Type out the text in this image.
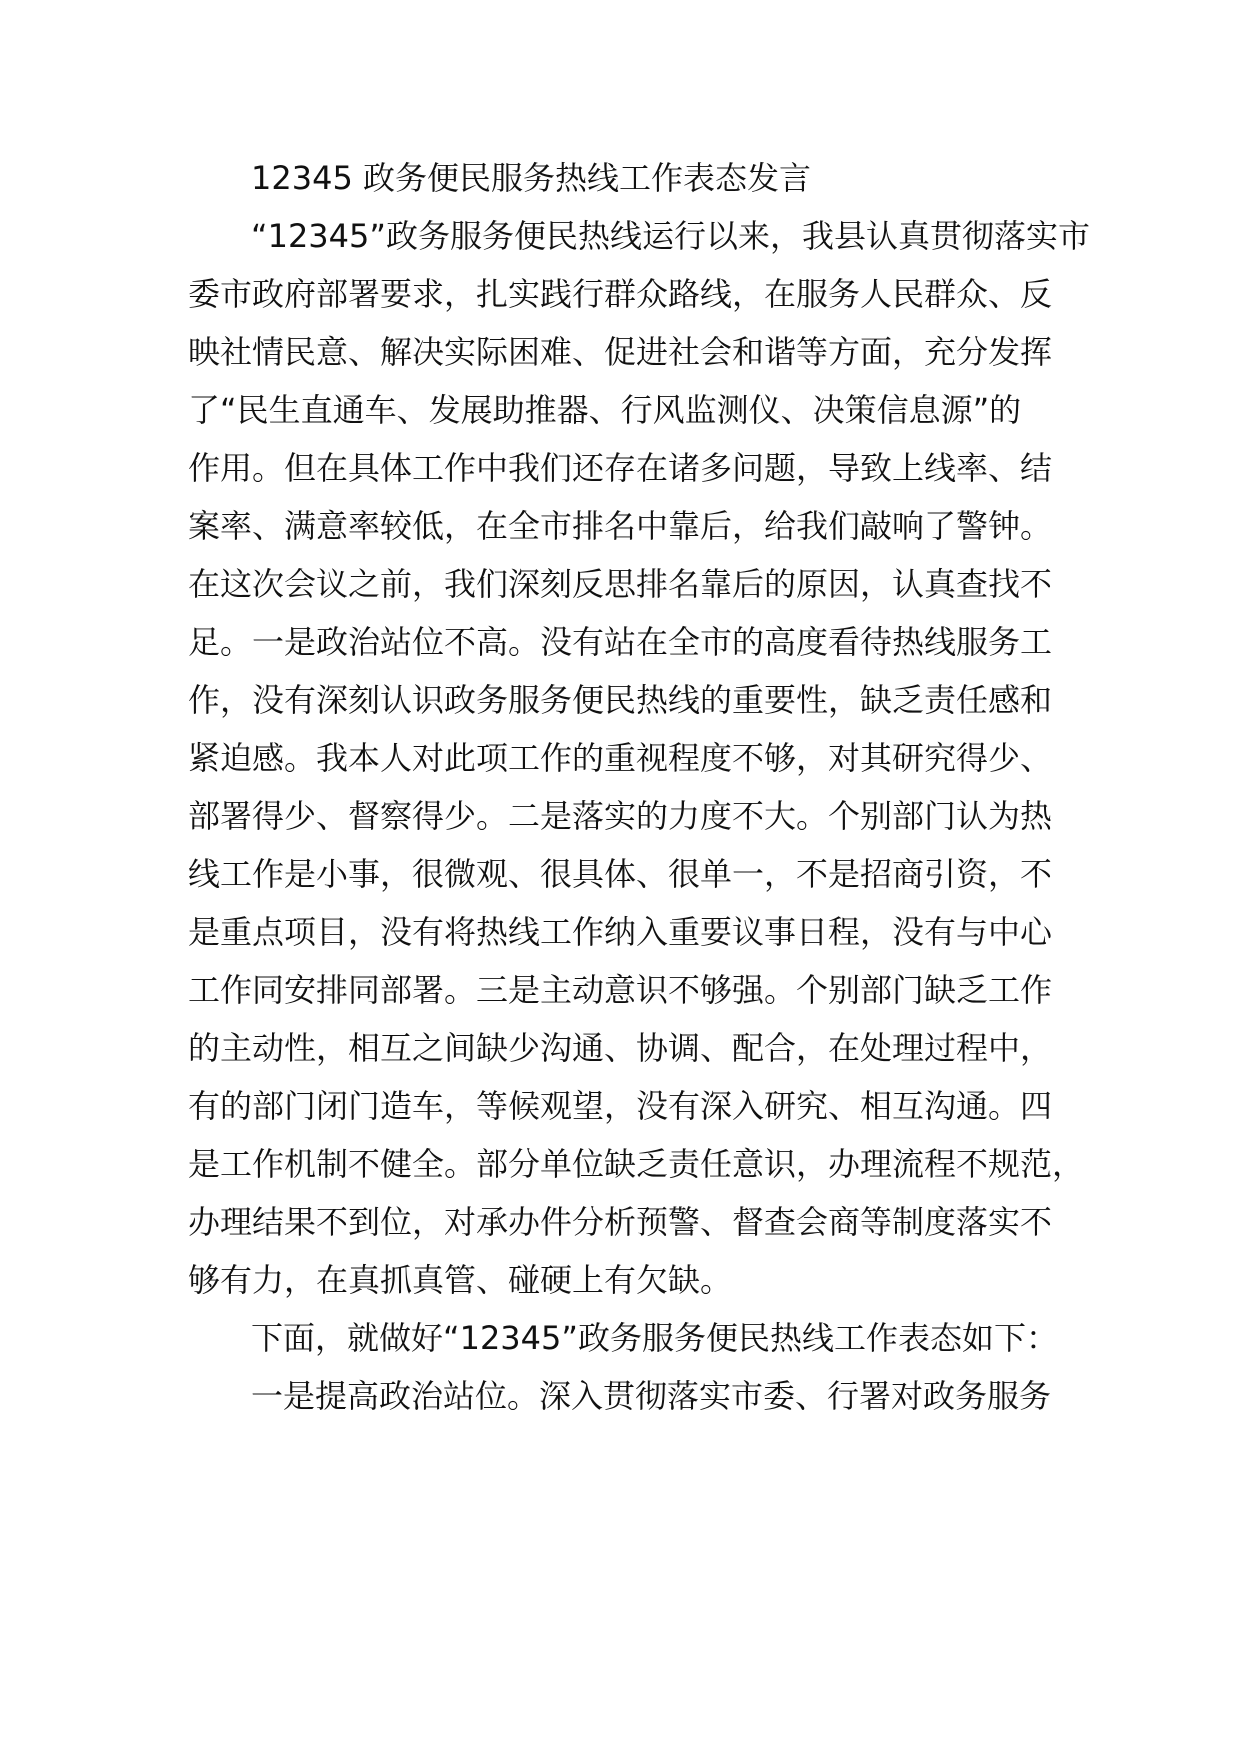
12345 政务便民服务热线工作表态发言
“12345”政务服务便民热线运行以来，我县认真贯彻落实市
委市政府部署要求，扎实践行群众路线，在服务人民群众、反
映社情民意、解决实际困难、促进社会和谐等方面，充分发挥
了“民生直通车、发展助推器、行风监测仪、决策信息源”的
作用。但在具体工作中我们还存在诸多问题，导致上线率、结
案率、满意率较低，在全市排名中靠后，给我们敲响了警钟。
在这次会议之前，我们深刻反思排名靠后的原因，认真查找不
足。一是政治站位不高。没有站在全市的高度看待热线服务工
作，没有深刻认识政务服务便民热线的重要性，缺乏责任感和
紧迫感。我本人对此项工作的重视程度不够，对其研究得少、
部署得少、督察得少。二是落实的力度不大。个别部门认为热
线工作是小事，很微观、很具体、很单一，不是招商引资，不
是重点项目，没有将热线工作纳入重要议事日程，没有与中心
工作同安排同部署。三是主动意识不够强。个别部门缺乏工作
的主动性，相互之间缺少沟通、协调、配合，在处理过程中，
有的部门闭门造车，等候观望，没有深入研究、相互沟通。四
是工作机制不健全。部分单位缺乏责任意识，办理流程不规范，
办理结果不到位，对承办件分析预警、督查会商等制度落实不
够有力，在真抓真管、碰硬上有欠缺。
下面，就做好“12345”政务服务便民热线工作表态如下：
一是提高政治站位。深入贯彻落实市委、行署对政务服务
